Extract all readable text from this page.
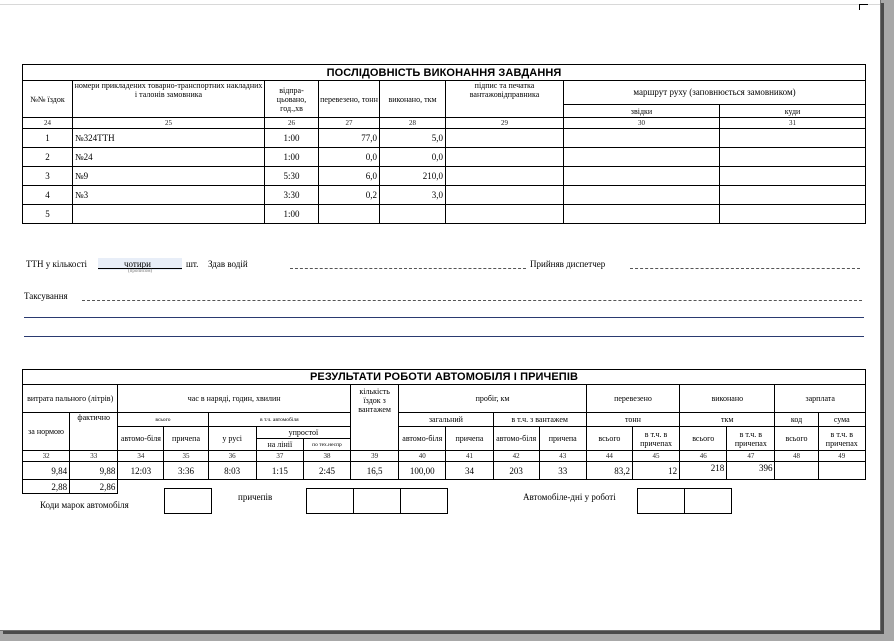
ПОСЛІДОВНІСТЬ ВИКОНАННЯ ЗАВДАННЯ							
№№ їздок	номери прикладених товарно-транспортних накладних і талонів замовника	відпра-цьовано, год.,хв	перевезено, тонн	виконано, ткм	підпис та печатка вантажовідправника	маршрут руху (заповнюється замовником)	
						звідки	куди
24	25	26	27	28	29	30	31
1	№324ТТН	1:00	77,0	5,0			
2	№24	1:00	0,0	0,0			
3	№9	5:30	6,0	210,0			
4	№3	3:30	0,2	3,0			
5		1:00					
ТТН у кількості	чотири
(прописом)
шт. Здав водій	Прийняв диспетчер
Таксування
РЕЗУЛЬТАТИ РОБОТИ АВТОМОБІЛЯ І ПРИЧЕПІВ																	
витрата пального (літрів)		час в наряді, годин, хвилин					кількість їздок з вантажем	пробіг, км				перевезено		виконано		зарплата	
за нормою	фактично	всього		в т.ч. автомобіля				загальний		в т.ч. з вантажем		тонн		ткм		код	сума
		автомо-біля	причепа	у русі	упростої			автомо-біля	причепа	автомо-біля	причепа	всього	в т.ч. в причепах	всього	в т.ч. в причепах	всього	в т.ч. в причепах
					на лінії	по тех.неспр											
32	33	34	35	36	37	38	39	40	41	42	43	44	45	46	47	48	49
9,84	9,88	12:03	3:36	8:03	1:15	2:45	16,5	100,00	34	203	33	83,2	12	218	396		
2,88	2,86																
Коди марок автомобіля
причепів	Автомобіле-дні у роботі
